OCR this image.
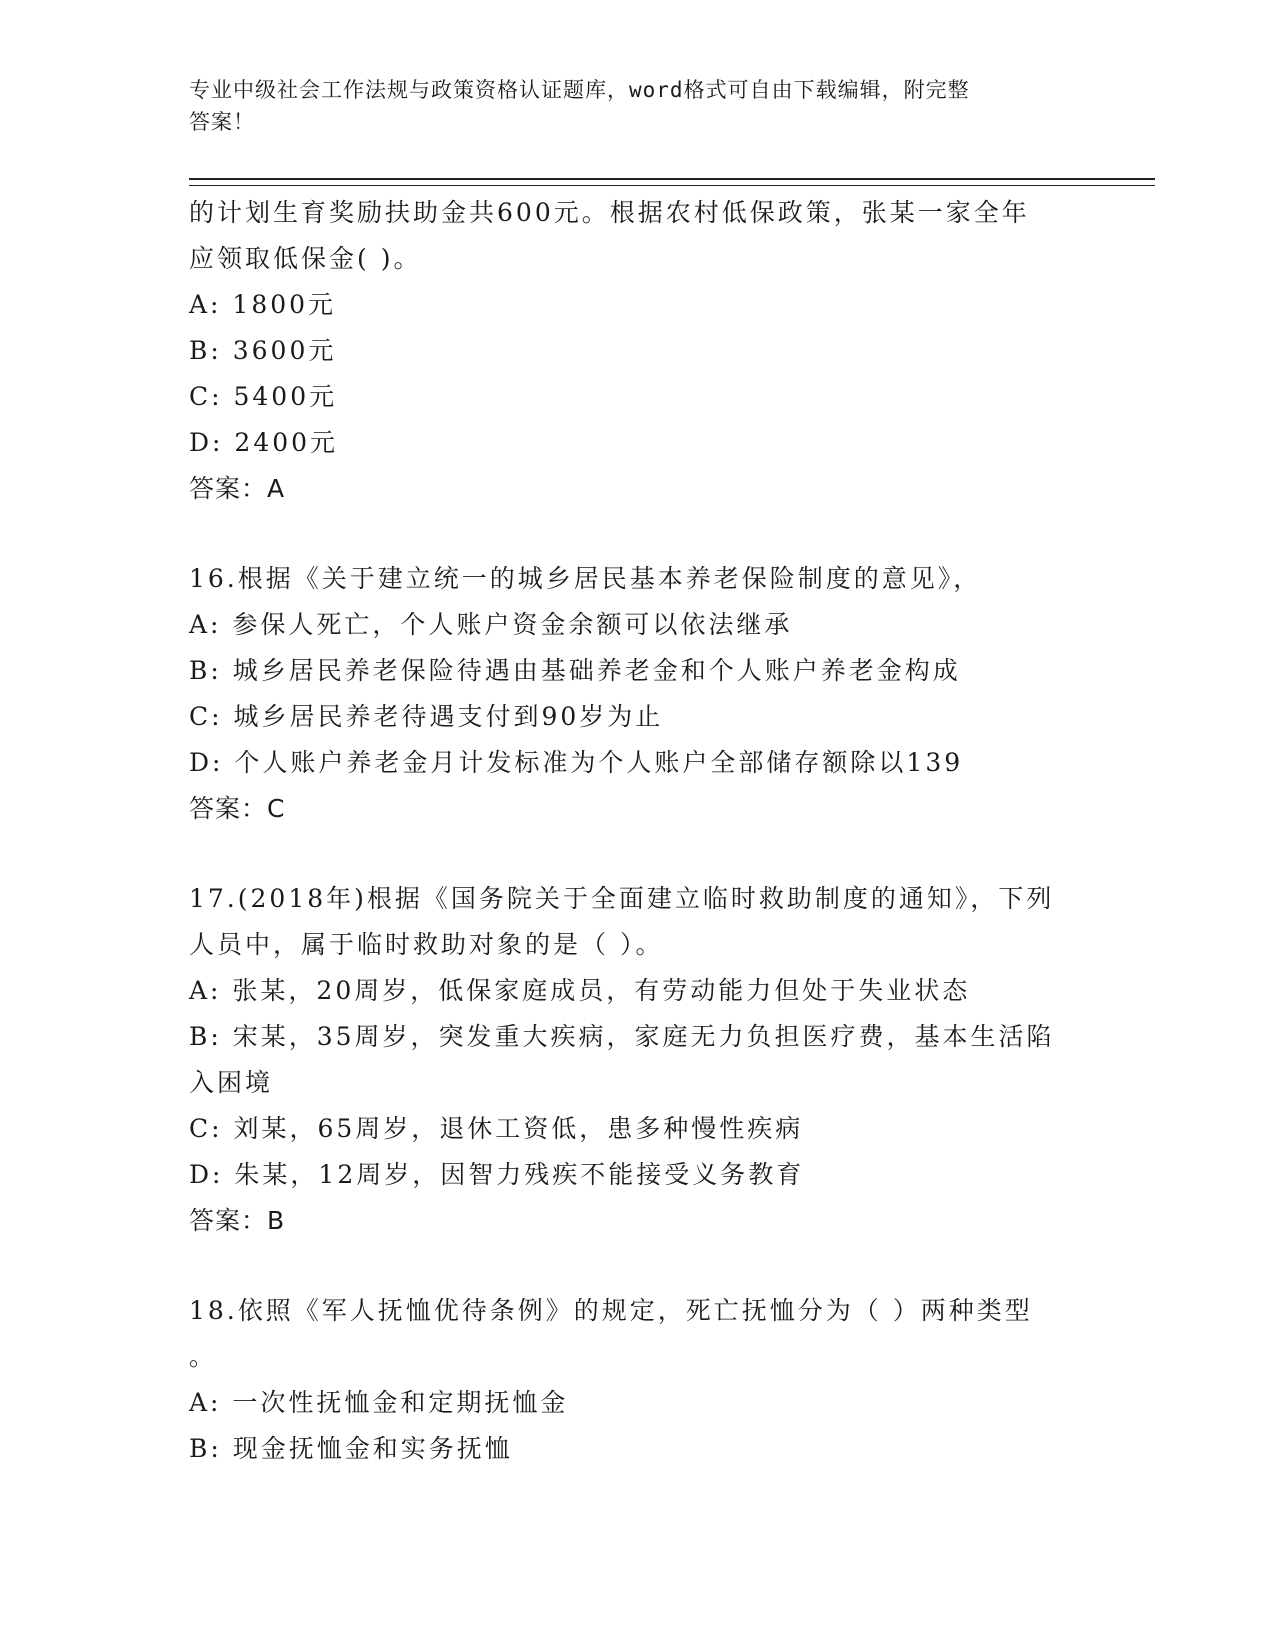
专业中级社会工作法规与政策资格认证题库，word格式可自由下载编辑，附完整
答案！
的计划生育奖励扶助金共600元。根据农村低保政策，张某一家全年
应领取低保金( )。
A: 1800元
B: 3600元
C: 5400元
D: 2400元
答案：A
16.根据《关于建立统一的城乡居民基本养老保险制度的意见》，
A: 参保人死亡，个人账户资金余额可以依法继承
B: 城乡居民养老保险待遇由基础养老金和个人账户养老金构成
C: 城乡居民养老待遇支付到90岁为止
D: 个人账户养老金月计发标准为个人账户全部储存额除以139
答案：C
17.(2018年)根据《国务院关于全面建立临时救助制度的通知》，下列
人员中，属于临时救助对象的是（ ）。
A: 张某，20周岁，低保家庭成员，有劳动能力但处于失业状态
B: 宋某，35周岁，突发重大疾病，家庭无力负担医疗费，基本生活陷
入困境
C: 刘某，65周岁，退休工资低，患多种慢性疾病
D: 朱某，12周岁，因智力残疾不能接受义务教育
答案：B
18.依照《军人抚恤优待条例》的规定，死亡抚恤分为（ ）两种类型
。
A: 一次性抚恤金和定期抚恤金
B: 现金抚恤金和实务抚恤
